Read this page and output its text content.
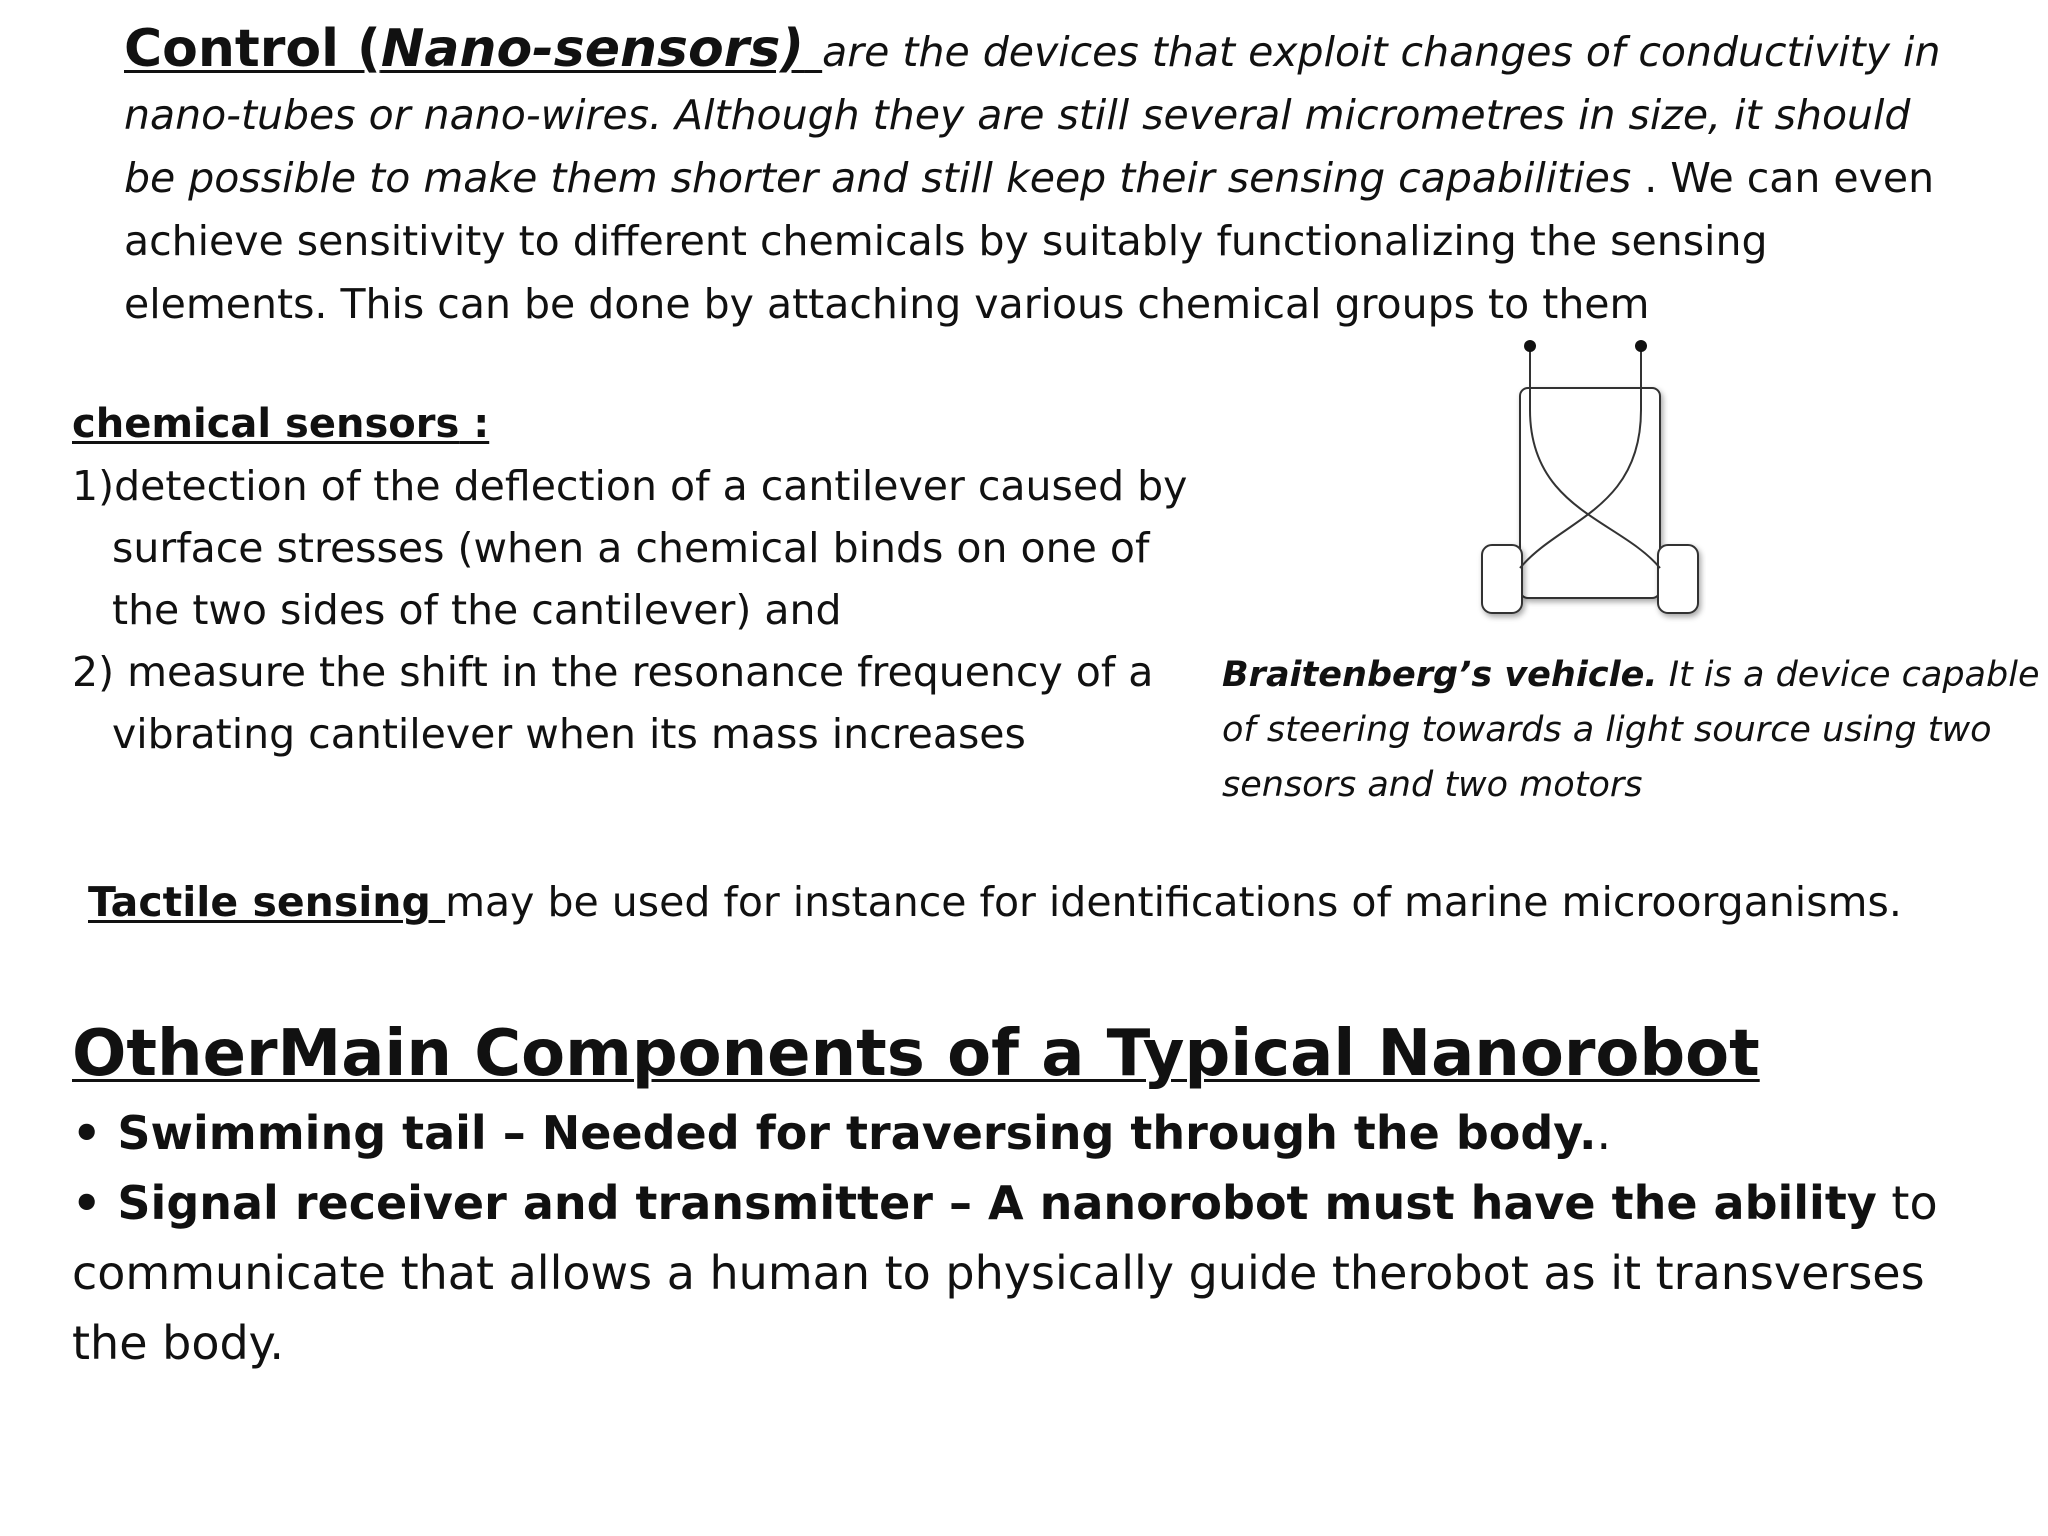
Control (Nano-sensors) are the devices that exploit changes of conductivity in nano-tubes or nano-wires. Although they are still several micrometres in size, it should be possible to make them shorter and still keep their sensing capabilities . We can even achieve sensitivity to different chemicals by suitably functionalizing the sensing elements. This can be done by attaching various chemical groups to them
chemical sensors :
1)detection of the deflection of a cantilever caused by surface stresses (when a chemical binds on one of the two sides of the cantilever) and
2) measure the shift in the resonance frequency of a vibrating cantilever when its mass increases
Braitenberg’s vehicle. It is a device capable of steering towards a light source using two sensors and two motors
Tactile sensing may be used for instance for identifications of marine microorganisms.
OtherMain Components of a Typical Nanorobot
• Swimming tail – Needed for traversing through the body..
• Signal receiver and transmitter – A nanorobot must have the ability to communicate that allows a human to physically guide therobot as it transverses the body.
